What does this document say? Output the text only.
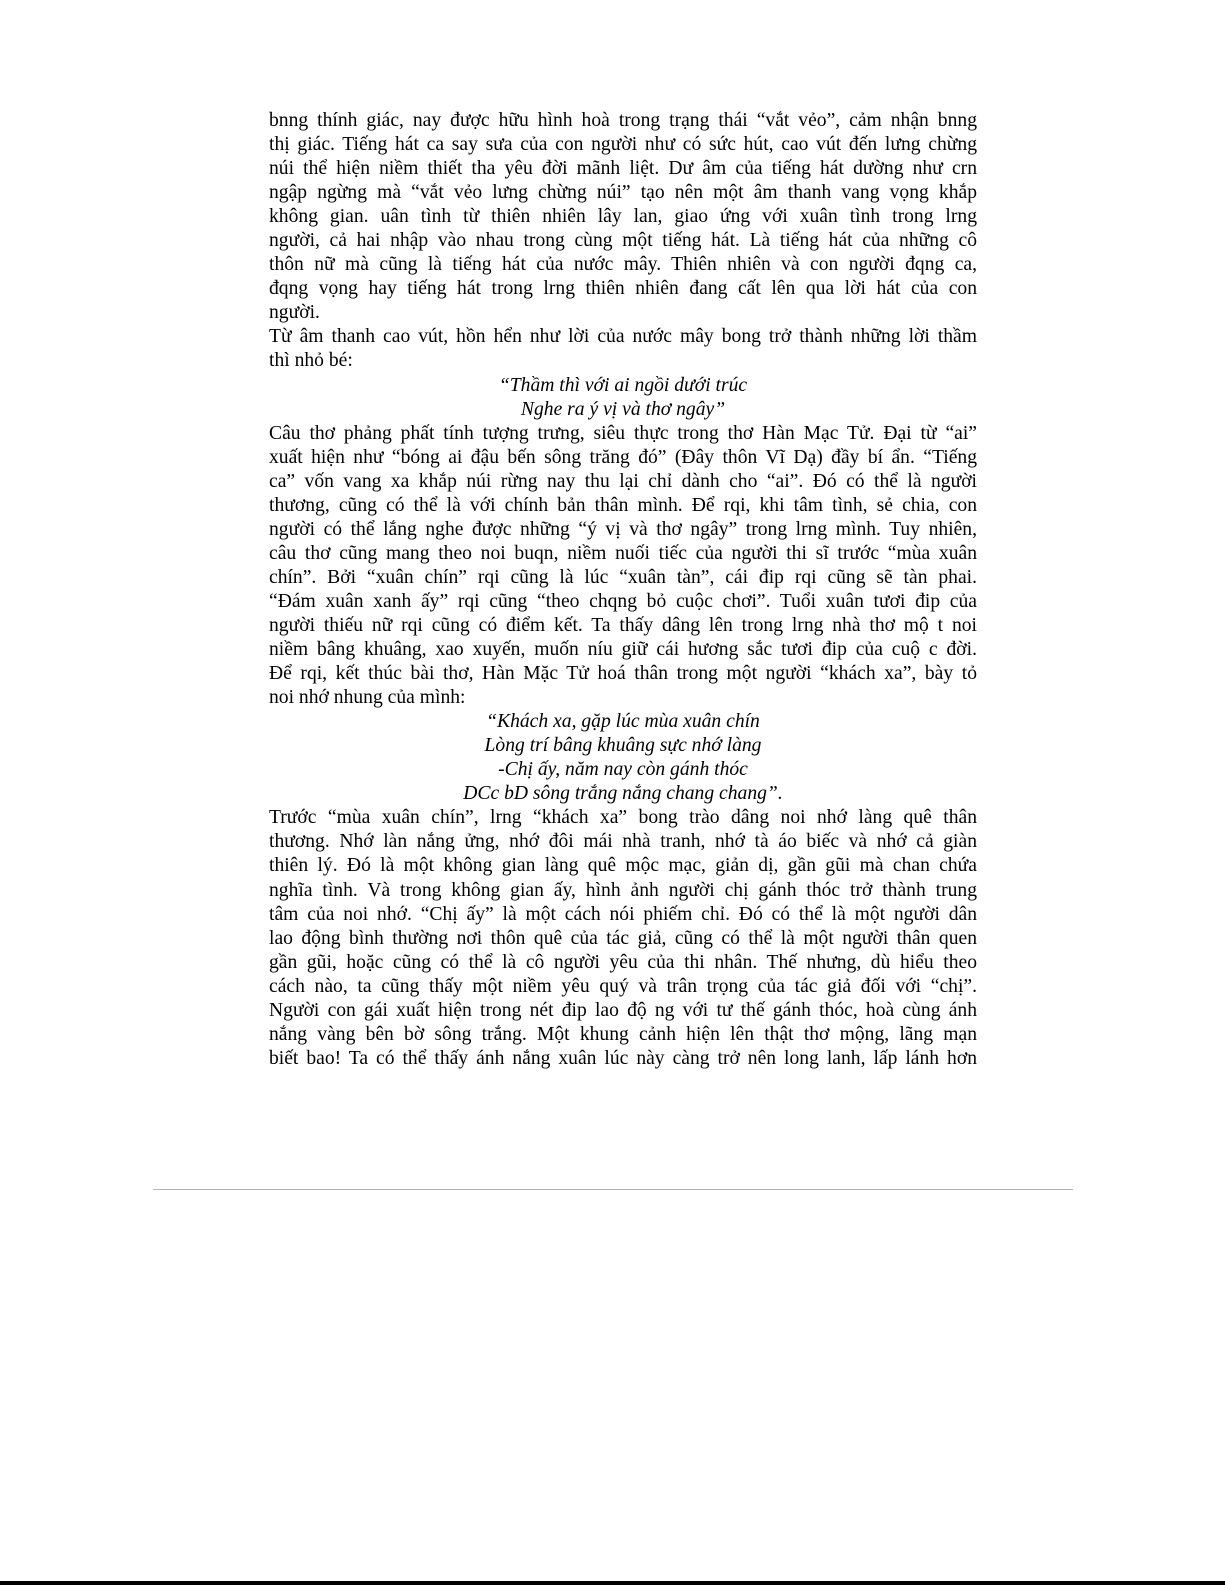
bnng thính giác, nay được hữu hình hoà trong trạng thái “vắt vẻo”, cảm nhận bnng
thị giác. Tiếng hát ca say sưa của con người như có sức hút, cao vút đến lưng chừng
núi thể hiện niềm thiết tha yêu đời mãnh liệt. Dư âm của tiếng hát dường như crn
ngập ngừng mà “vắt vẻo lưng chừng núi” tạo nên một âm thanh vang vọng khắp
không gian. uân tình từ thiên nhiên lây lan, giao ứng với xuân tình trong lrng
người, cả hai nhập vào nhau trong cùng một tiếng hát. Là tiếng hát của những cô
thôn nữ mà cũng là tiếng hát của nước mây. Thiên nhiên và con người đqng ca,
đqng vọng hay tiếng hát trong lrng thiên nhiên đang cất lên qua lời hát của con
người.
Từ âm thanh cao vút, hồn hển như lời của nước mây bong trở thành những lời thầm
thì nhỏ bé:
“Thầm thì với ai ngồi dưới trúc
Nghe ra ý vị và thơ ngây”
Câu thơ phảng phất tính tượng trưng, siêu thực trong thơ Hàn Mạc Tử. Đại từ “ai”
xuất hiện như “bóng ai đậu bến sông trăng đó” (Đây thôn Vĩ Dạ) đầy bí ẩn. “Tiếng
ca” vốn vang xa khắp núi rừng nay thu lại chỉ dành cho “ai”. Đó có thể là người
thương, cũng có thể là với chính bản thân mình. Để rqi, khi tâm tình, sẻ chia, con
người có thể lắng nghe được những “ý vị và thơ ngây” trong lrng mình. Tuy nhiên,
câu thơ cũng mang theo noi buqn, niềm nuối tiếc của người thi sĩ trước “mùa xuân
chín”. Bởi “xuân chín” rqi cũng là lúc “xuân tàn”, cái đip rqi cũng sẽ tàn phai.
“Đám xuân xanh ấy” rqi cũng “theo chqng bỏ cuộc chơi”. Tuổi xuân tươi đip của
người thiếu nữ rqi cũng có điểm kết. Ta thấy dâng lên trong lrng nhà thơ mộ t noi
niềm bâng khuâng, xao xuyến, muốn níu giữ cái hương sắc tươi đip của cuộ c đời.
Để rqi, kết thúc bài thơ, Hàn Mặc Tử hoá thân trong một người “khách xa”, bày tỏ
noi nhớ nhung của mình:
“Khách xa, gặp lúc mùa xuân chín
Lòng trí bâng khuâng sực nhớ làng
-Chị ấy, năm nay còn gánh thóc
DCc bD sông trắng nắng chang chang”.
Trước “mùa xuân chín”, lrng “khách xa” bong trào dâng noi nhớ làng quê thân
thương. Nhớ làn nắng ửng, nhớ đôi mái nhà tranh, nhớ tà áo biếc và nhớ cả giàn
thiên lý. Đó là một không gian làng quê mộc mạc, giản dị, gần gũi mà chan chứa
nghĩa tình. Và trong không gian ấy, hình ảnh người chị gánh thóc trở thành trung
tâm của noi nhớ. “Chị ấy” là một cách nói phiếm chỉ. Đó có thể là một người dân
lao động bình thường nơi thôn quê của tác giả, cũng có thể là một người thân quen
gần gũi, hoặc cũng có thể là cô người yêu của thi nhân. Thế nhưng, dù hiểu theo
cách nào, ta cũng thấy một niềm yêu quý và trân trọng của tác giả đối với “chị”.
Người con gái xuất hiện trong nét đip lao độ ng với tư thế gánh thóc, hoà cùng ánh
nắng vàng bên bờ sông trắng. Một khung cảnh hiện lên thật thơ mộng, lãng mạn
biết bao! Ta có thể thấy ánh nắng xuân lúc này càng trở nên long lanh, lấp lánh hơn
